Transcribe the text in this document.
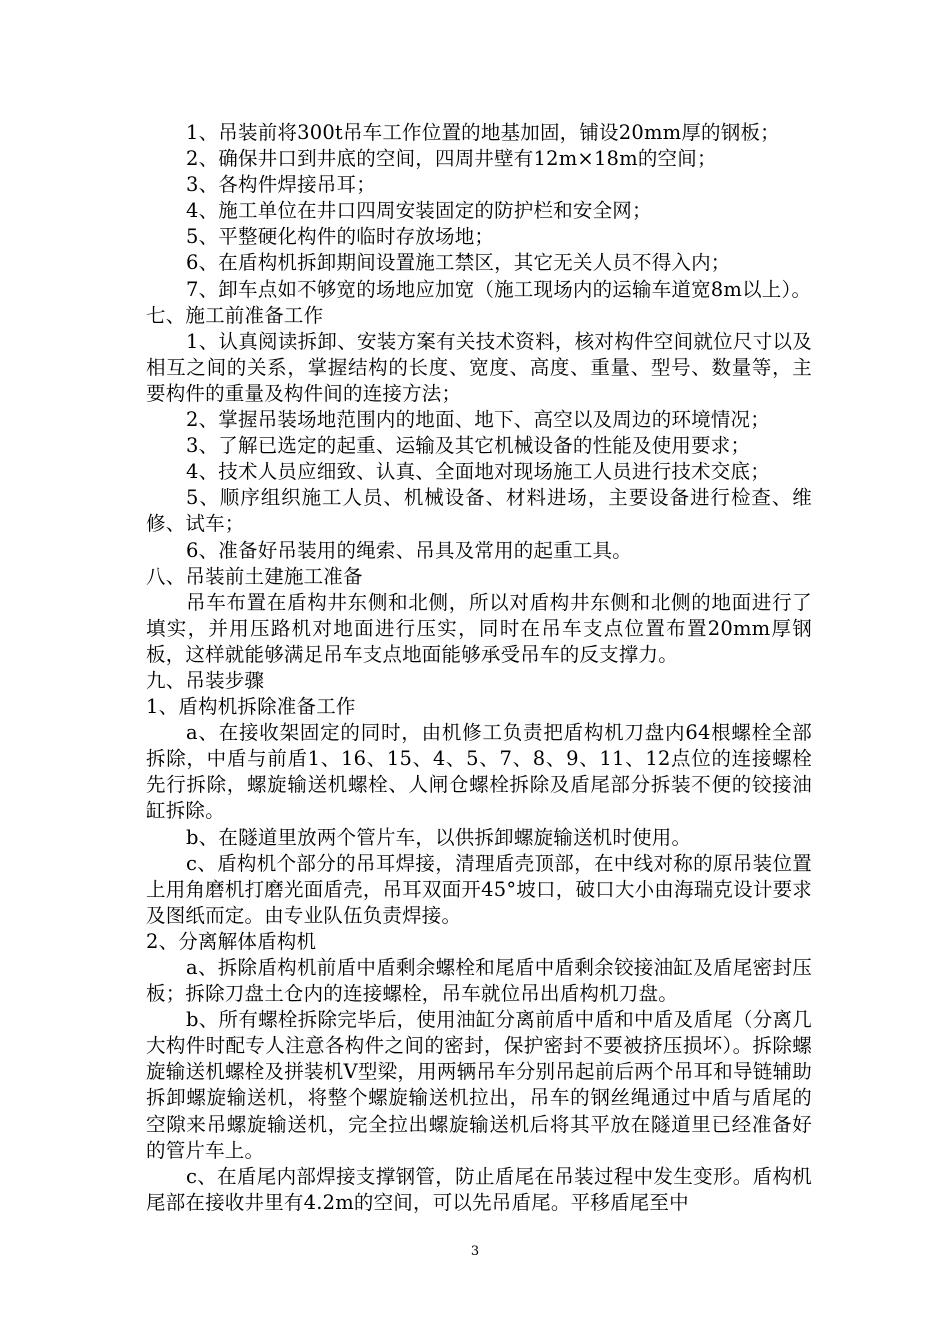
1、吊装前将300t吊车工作位置的地基加固，铺设20mm厚的钢板；

2、确保井口到井底的空间，四周井壁有12m×18m的空间；

3、各构件焊接吊耳；

4、施工单位在井口四周安装固定的防护栏和安全网；

5、平整硬化构件的临时存放场地；

6、在盾构机拆卸期间设置施工禁区，其它无关人员不得入内；

7、卸车点如不够宽的场地应加宽（施工现场内的运输车道宽8m以上）。

七、施工前准备工作

1、认真阅读拆卸、安装方案有关技术资料，核对构件空间就位尺寸以及相互之间的关系，掌握结构的长度、宽度、高度、重量、型号、数量等，主要构件的重量及构件间的连接方法；

2、掌握吊装场地范围内的地面、地下、高空以及周边的环境情况；

3、了解已选定的起重、运输及其它机械设备的性能及使用要求；

4、技术人员应细致、认真、全面地对现场施工人员进行技术交底；

5、顺序组织施工人员、机械设备、材料进场，主要设备进行检查、维修、试车；

6、准备好吊装用的绳索、吊具及常用的起重工具。

八、吊装前土建施工准备

吊车布置在盾构井东侧和北侧，所以对盾构井东侧和北侧的地面进行了填实，并用压路机对地面进行压实，同时在吊车支点位置布置20mm厚钢板，这样就能够满足吊车支点地面能够承受吊车的反支撑力。

九、吊装步骤

1、盾构机拆除准备工作

a、在接收架固定的同时，由机修工负责把盾构机刀盘内64根螺栓全部拆除，中盾与前盾1、16、15、4、5、7、8、9、11、12点位的连接螺栓先行拆除，螺旋输送机螺栓、人闸仓螺栓拆除及盾尾部分拆装不便的铰接油缸拆除。

b、在隧道里放两个管片车，以供拆卸螺旋输送机时使用。

c、盾构机个部分的吊耳焊接，清理盾壳顶部，在中线对称的原吊装位置上用角磨机打磨光面盾壳，吊耳双面开45°坡口，破口大小由海瑞克设计要求及图纸而定。由专业队伍负责焊接。

2、分离解体盾构机

a、拆除盾构机前盾中盾剩余螺栓和尾盾中盾剩余铰接油缸及盾尾密封压板；拆除刀盘土仓内的连接螺栓，吊车就位吊出盾构机刀盘。

b、所有螺栓拆除完毕后，使用油缸分离前盾中盾和中盾及盾尾（分离几大构件时配专人注意各构件之间的密封，保护密封不要被挤压损坏）。拆除螺旋输送机螺栓及拼装机V型梁，用两辆吊车分别吊起前后两个吊耳和导链辅助拆卸螺旋输送机，将整个螺旋输送机拉出，吊车的钢丝绳通过中盾与盾尾的空隙来吊螺旋输送机，完全拉出螺旋输送机后将其平放在隧道里已经准备好的管片车上。

c、在盾尾内部焊接支撑钢管，防止盾尾在吊装过程中发生变形。盾构机尾部在接收井里有4.2m的空间，可以先吊盾尾。平移盾尾至中

3
